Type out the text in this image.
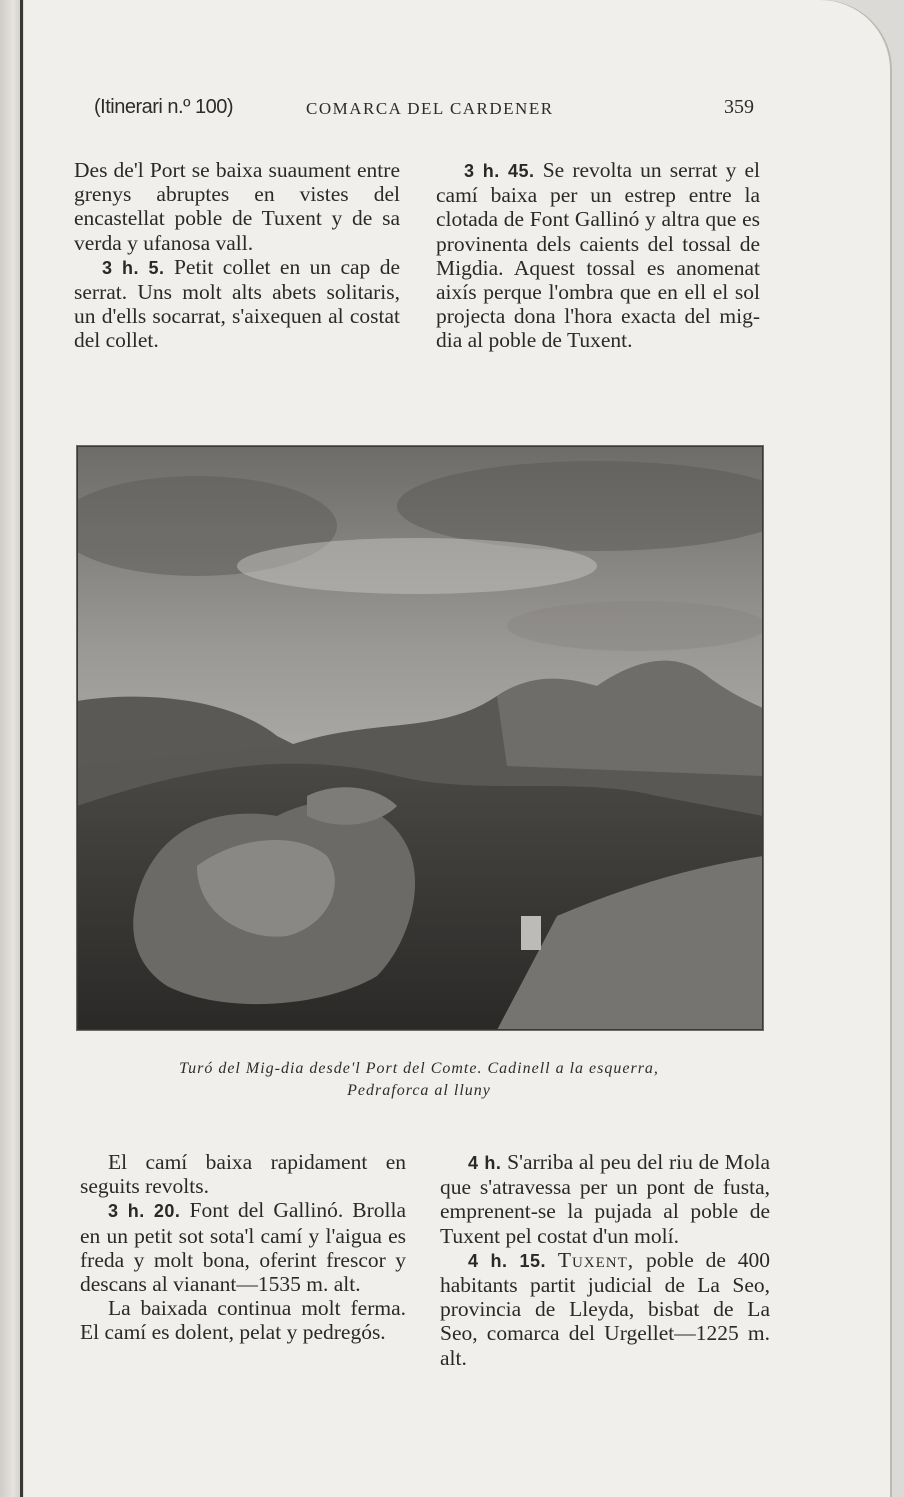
(Itinerari n.º 100)	COMARCA DEL CARDENER	359

Des de'l Port se baixa suaument entre grenys abruptes en vistes del encastellat poble de Tuxent y de sa verda y ufanosa vall.

3 h. 5. Petit collet en un cap de serrat. Uns molt alts abets solitaris, un d'ells socarrat, s'aixequen al costat del collet.

3 h. 45. Se revolta un serrat y el camí baixa per un estrep entre la clotada de Font Gallinó y altra que es provinenta dels caients del tossal de Migdia. Aquest tossal es anomenat aixís perque l'ombra que en ell el sol projecta dona l'hora exacta del mig-dia al poble de Tuxent.

Turó del Mig-dia desde'l Port del Comte. Cadinell a la esquerra,
Pedraforca al lluny

El camí baixa rapidament en seguits revolts.

3 h. 20. Font del Gallinó. Brolla en un petit sot sota'l camí y l'aigua es freda y molt bona, oferint frescor y descans al vianant—1535 m. alt.

La baixada continua molt ferma. El camí es dolent, pelat y pedregós.

4 h. S'arriba al peu del riu de Mola que s'atravessa per un pont de fusta, emprenent-se la pujada al poble de Tuxent pel costat d'un molí.

4 h. 15. Tuxent, poble de 400 habitants partit judicial de La Seo, provincia de Lleyda, bisbat de La Seo, comarca del Urgellet—1225 m. alt.
